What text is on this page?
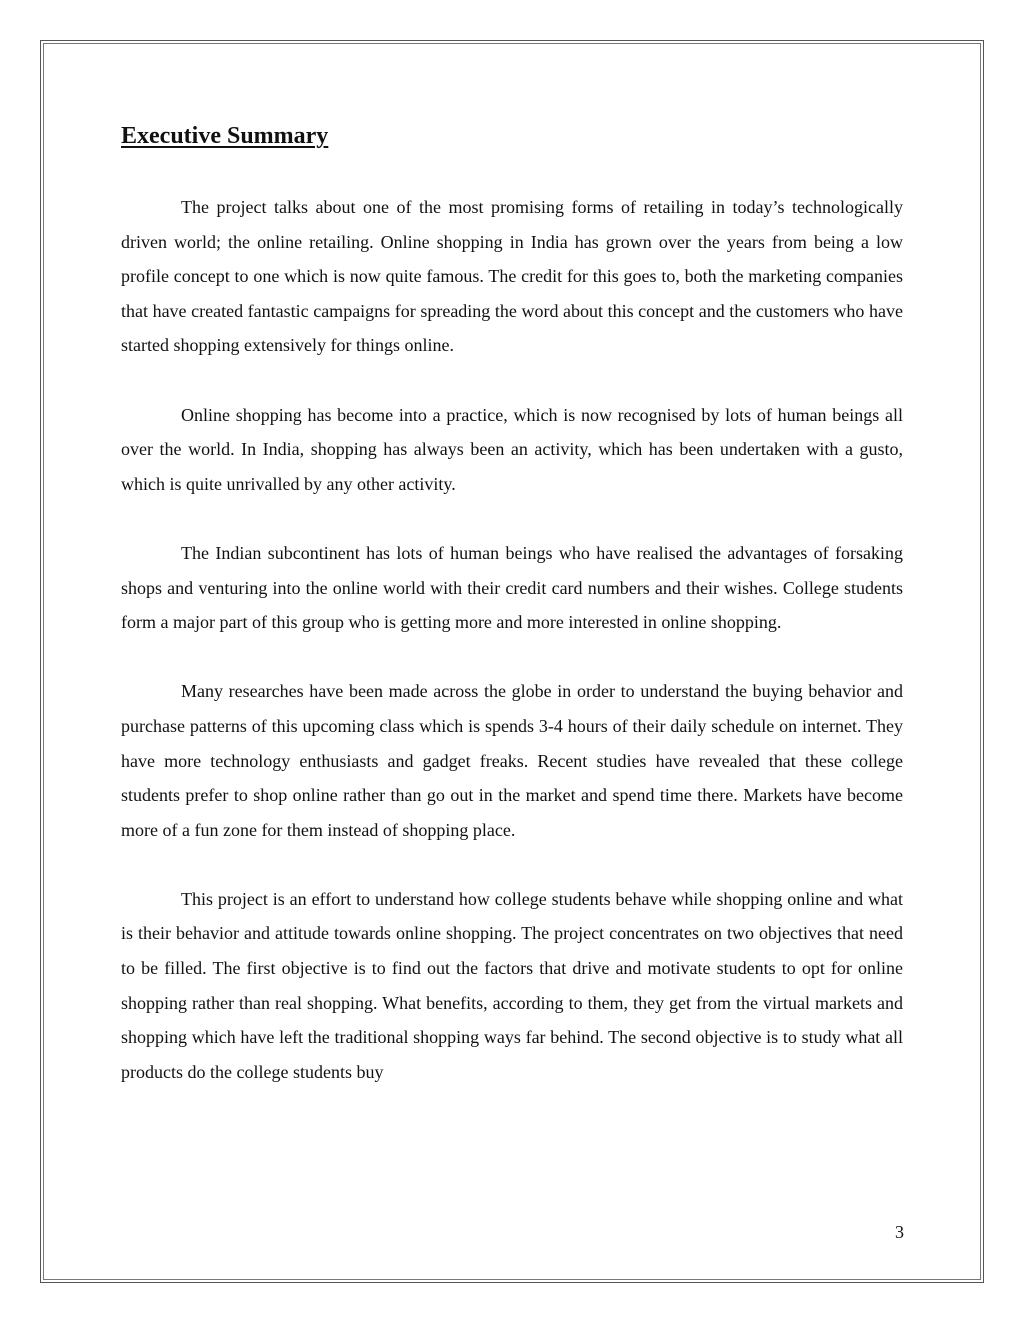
Executive Summary

The project talks about one of the most promising forms of retailing in today’s technologically driven world; the online retailing. Online shopping in India has grown over the years from being a low profile concept to one which is now quite famous. The credit for this goes to, both the marketing companies that have created fantastic campaigns for spreading the word about this concept and the customers who have started shopping extensively for things online.

Online shopping has become into a practice, which is now recognised by lots of human beings all over the world. In India, shopping has always been an activity, which has been undertaken with a gusto, which is quite unrivalled by any other activity.

The Indian subcontinent has lots of human beings who have realised the advantages of forsaking shops and venturing into the online world with their credit card numbers and their wishes. College students form a major part of this group who is getting more and more interested in online shopping.

Many researches have been made across the globe in order to understand the buying behavior and purchase patterns of this upcoming class which is spends 3-4 hours of their daily schedule on internet. They have more technology enthusiasts and gadget freaks. Recent studies have revealed that these college students prefer to shop online rather than go out in the market and spend time there. Markets have become more of a fun zone for them instead of shopping place.

This project is an effort to understand how college students behave while shopping online and what is their behavior and attitude towards online shopping. The project concentrates on two objectives that need to be filled. The first objective is to find out the factors that drive and motivate students to opt for online shopping rather than real shopping. What benefits, according to them, they get from the virtual markets and shopping which have left the traditional shopping ways far behind. The second objective is to study what all products do the college students buy

3
